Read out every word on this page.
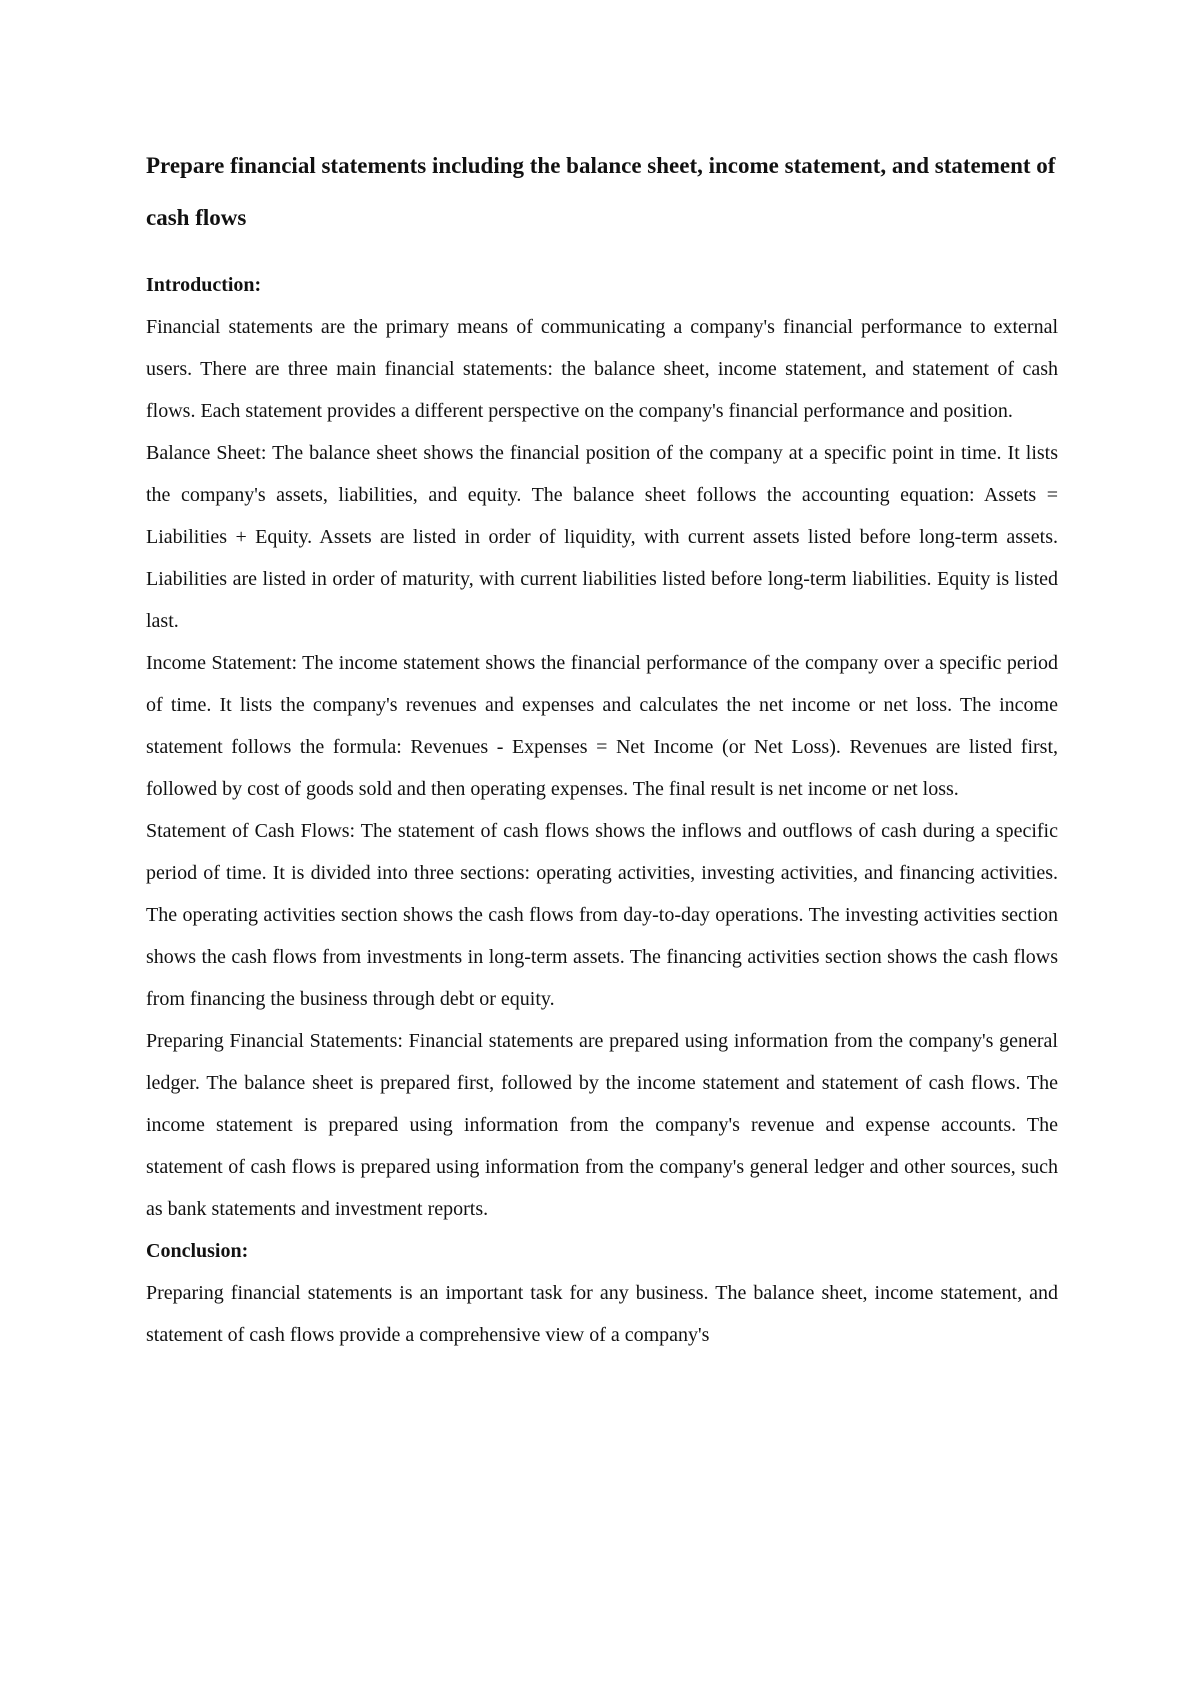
Prepare financial statements including the balance sheet, income statement, and statement of cash flows
Introduction:

Financial statements are the primary means of communicating a company's financial performance to external users. There are three main financial statements: the balance sheet, income statement, and statement of cash flows. Each statement provides a different perspective on the company's financial performance and position.

Balance Sheet: The balance sheet shows the financial position of the company at a specific point in time. It lists the company's assets, liabilities, and equity. The balance sheet follows the accounting equation: Assets = Liabilities + Equity. Assets are listed in order of liquidity, with current assets listed before long-term assets. Liabilities are listed in order of maturity, with current liabilities listed before long-term liabilities. Equity is listed last.

Income Statement: The income statement shows the financial performance of the company over a specific period of time. It lists the company's revenues and expenses and calculates the net income or net loss. The income statement follows the formula: Revenues - Expenses = Net Income (or Net Loss). Revenues are listed first, followed by cost of goods sold and then operating expenses. The final result is net income or net loss.

Statement of Cash Flows: The statement of cash flows shows the inflows and outflows of cash during a specific period of time. It is divided into three sections: operating activities, investing activities, and financing activities. The operating activities section shows the cash flows from day-to-day operations. The investing activities section shows the cash flows from investments in long-term assets. The financing activities section shows the cash flows from financing the business through debt or equity.

Preparing Financial Statements: Financial statements are prepared using information from the company's general ledger. The balance sheet is prepared first, followed by the income statement and statement of cash flows. The income statement is prepared using information from the company's revenue and expense accounts. The statement of cash flows is prepared using information from the company's general ledger and other sources, such as bank statements and investment reports.

Conclusion:

Preparing financial statements is an important task for any business. The balance sheet, income statement, and statement of cash flows provide a comprehensive view of a company's
